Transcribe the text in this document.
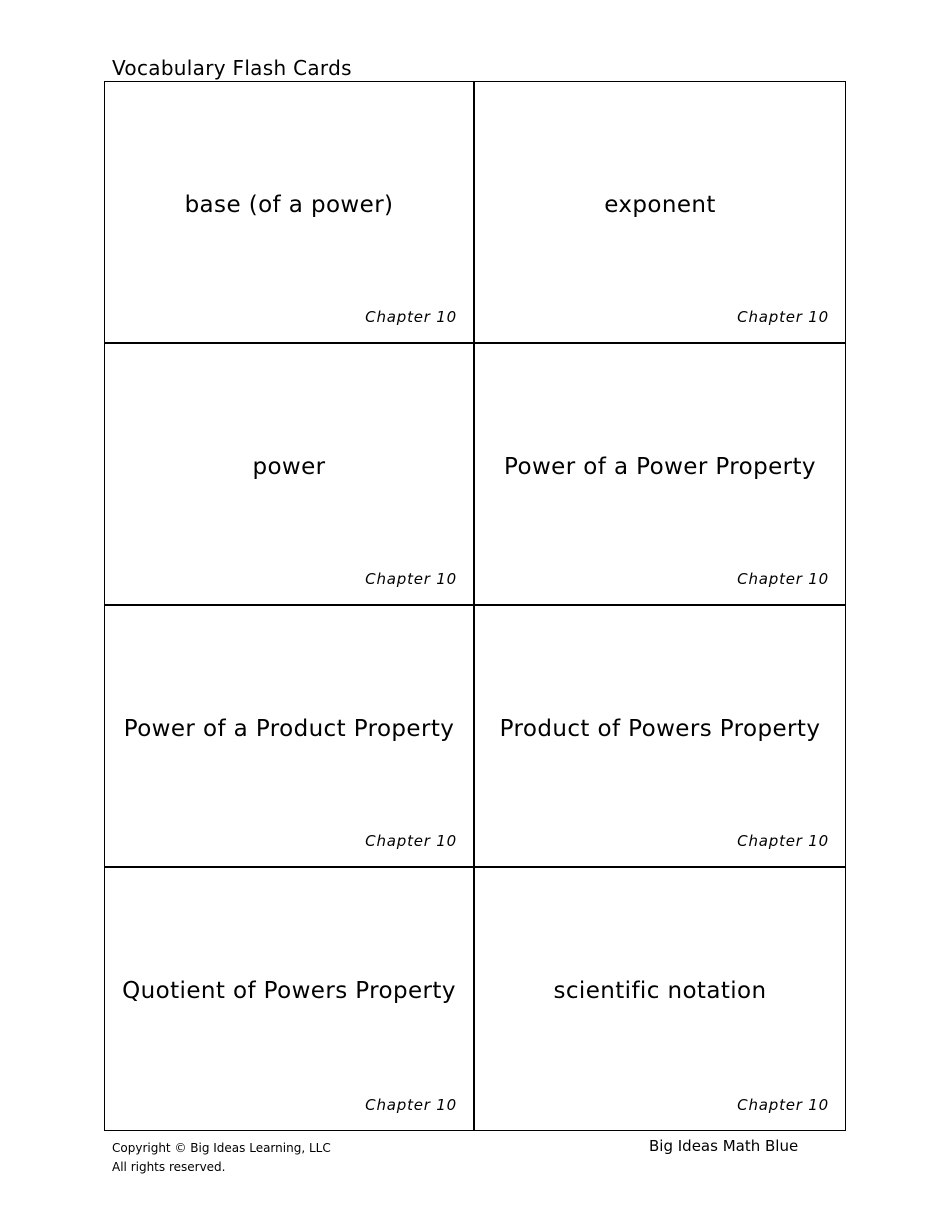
Vocabulary Flash Cards
base (of a power)
Chapter 10
exponent
Chapter 10
power
Chapter 10
Power of a Power Property
Chapter 10
Power of a Product Property
Chapter 10
Product of Powers Property
Chapter 10
Quotient of Powers Property
Chapter 10
scientific notation
Chapter 10
Copyright © Big Ideas Learning, LLC
All rights reserved.
Big Ideas Math Blue
